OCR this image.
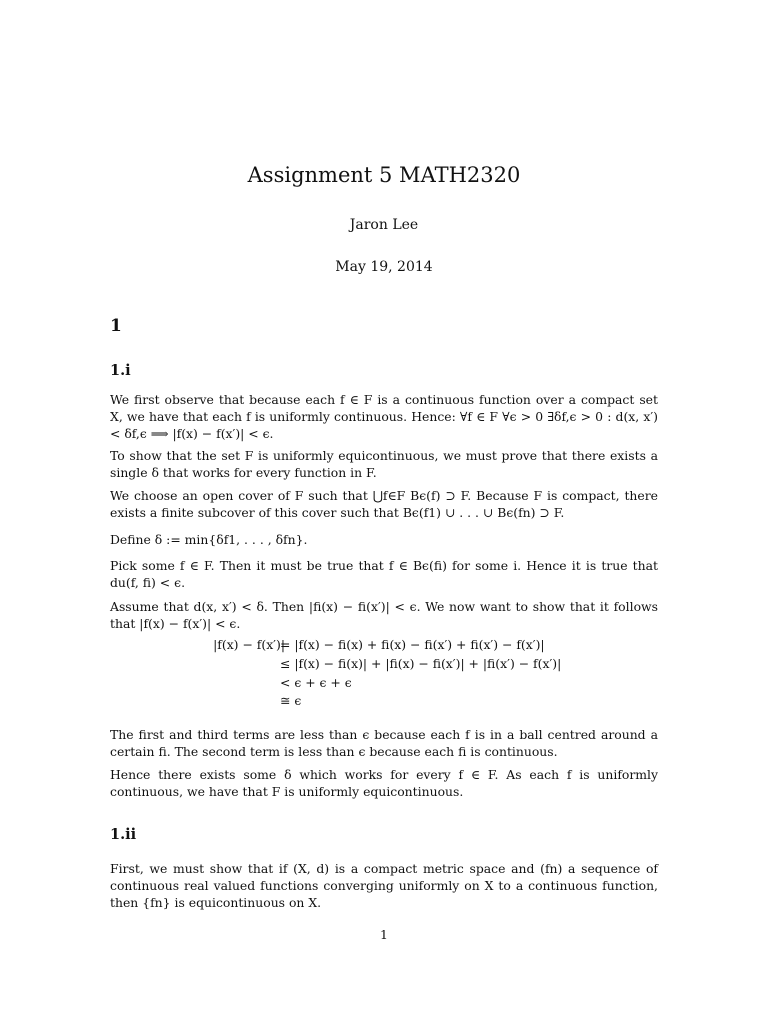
Assignment 5 MATH2320
Jaron Lee
May 19, 2014
1
1.i
We first observe that because each f ∈ F is a continuous function over a compact set X, we have that each f is uniformly continuous. Hence: ∀f ∈ F ∀ϵ > 0 ∃δf,ϵ > 0 : d(x, x′) < δf,ϵ ⟹ |f(x) − f(x′)| < ϵ.
To show that the set F is uniformly equicontinuous, we must prove that there exists a single δ that works for every function in F.
We choose an open cover of F such that ⋃f∈F Bϵ(f) ⊃ F. Because F is compact, there exists a finite subcover of this cover such that Bϵ(f1) ∪ . . . ∪ Bϵ(fn) ⊃ F.
Define δ := min{δf1, . . . , δfn}.
Pick some f ∈ F. Then it must be true that f ∈ Bϵ(fi) for some i. Hence it is true that du(f, fi) < ϵ.
Assume that d(x, x′) < δ. Then |fi(x) − fi(x′)| < ϵ. We now want to show that it follows that |f(x) − f(x′)| < ϵ.
|f(x) − f(x′)|
= |f(x) − fi(x) + fi(x) − fi(x′) + fi(x′) − f(x′)|
≤ |f(x) − fi(x)| + |fi(x) − fi(x′)| + |fi(x′) − f(x′)|
< ϵ + ϵ + ϵ
≅ ϵ
The first and third terms are less than ϵ because each f is in a ball centred around a certain fi. The second term is less than ϵ because each fi is continuous.
Hence there exists some δ which works for every f ∈ F. As each f is uniformly continuous, we have that F is uniformly equicontinuous.
1.ii
First, we must show that if (X, d) is a compact metric space and (fn) a sequence of continuous real valued functions converging uniformly on X to a continuous function, then {fn} is equicontinuous on X.
1
